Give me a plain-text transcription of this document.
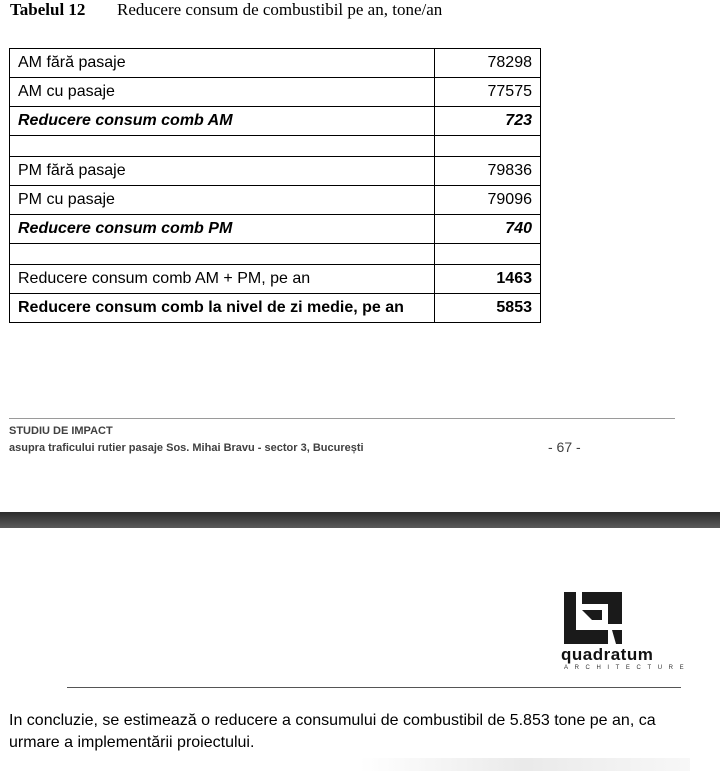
Tabelul 12 Reducere consum de combustibil pe an, tone/an
AM fără pasaje	78298
AM cu pasaje	77575
Reducere consum comb AM	723

PM fără pasaje	79836
PM cu pasaje	79096
Reducere consum comb PM	740

Reducere consum comb AM + PM, pe an	1463
Reducere consum comb la nivel de zi medie, pe an	5853
STUDIU DE IMPACT
asupra traficului rutier pasaje Sos. Mihai Bravu - sector 3, București	- 67 -
quadratum
ARCHITECTURE
In concluzie, se estimează o reducere a consumului de combustibil de 5.853 tone pe an, ca urmare a implementării proiectului.
